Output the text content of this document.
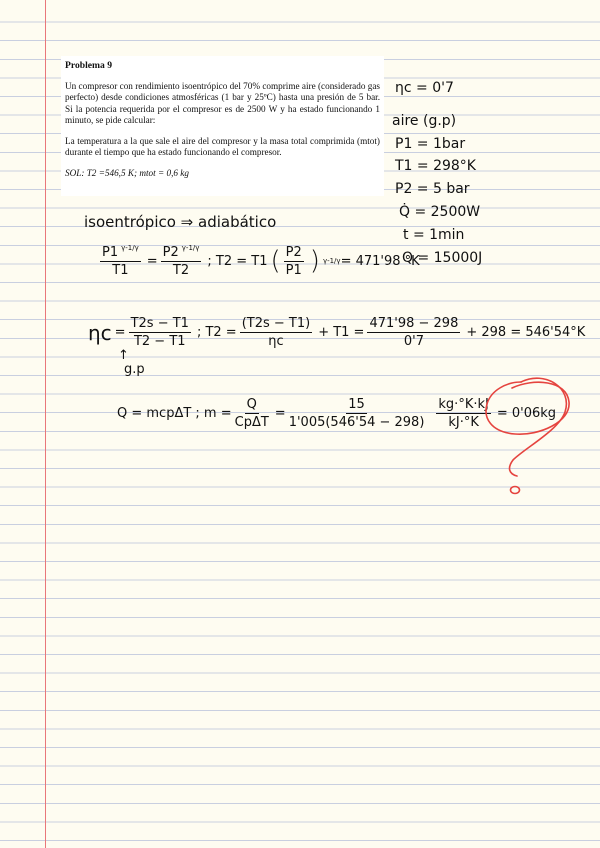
Problema 9

Un compresor con rendimiento isoentrópico del 70% comprime aire (considerado gas perfecto) desde condiciones atmosféricas (1 bar y 25ºC) hasta una presión de 5 bar. Si la potencia requerida por el compresor es de 2500 W y ha estado funcionando 1 minuto, se pide calcular:

La temperatura a la que sale el aire del compresor y la masa total comprimida (mtot) durante el tiempo que ha estado funcionando el compresor.

SOL: T2 =546,5 K; mtot = 0,6 kg

ηc = 0'7
aire (g.p)
P1 = 1bar
T1 = 298°K
P2 = 5 bar
Q̇ = 2500W
t = 1min
Q = 15000J
isoentrópico ⇒ adiabático
$\frac{P1 ^{\gamma-1/\gamma}}{T1} = \frac{P2 ^{\gamma-1/\gamma}}{T2}$ ; T2 = T1 ( $\frac{P2}{P1}$ ) γ-1/γ = 471'98 °K
$\eta c = \frac{T2s - T1}{T2 - T1}$ ; $T2 = \frac{(T2s - T1)}{\eta c} + T1 = \frac{471'98 - 298}{0'7} + 298 = 546'54^\circ K$
↑
g.p
Q = mcpΔT ; $m = \frac{Q}{\text{CpΔT}} = \frac{15}{1'005(546'54 - 298)} \frac{kg\cdot^\circ K\cdot kJ}{kJ\cdot^\circ K} = 0'06kg$
